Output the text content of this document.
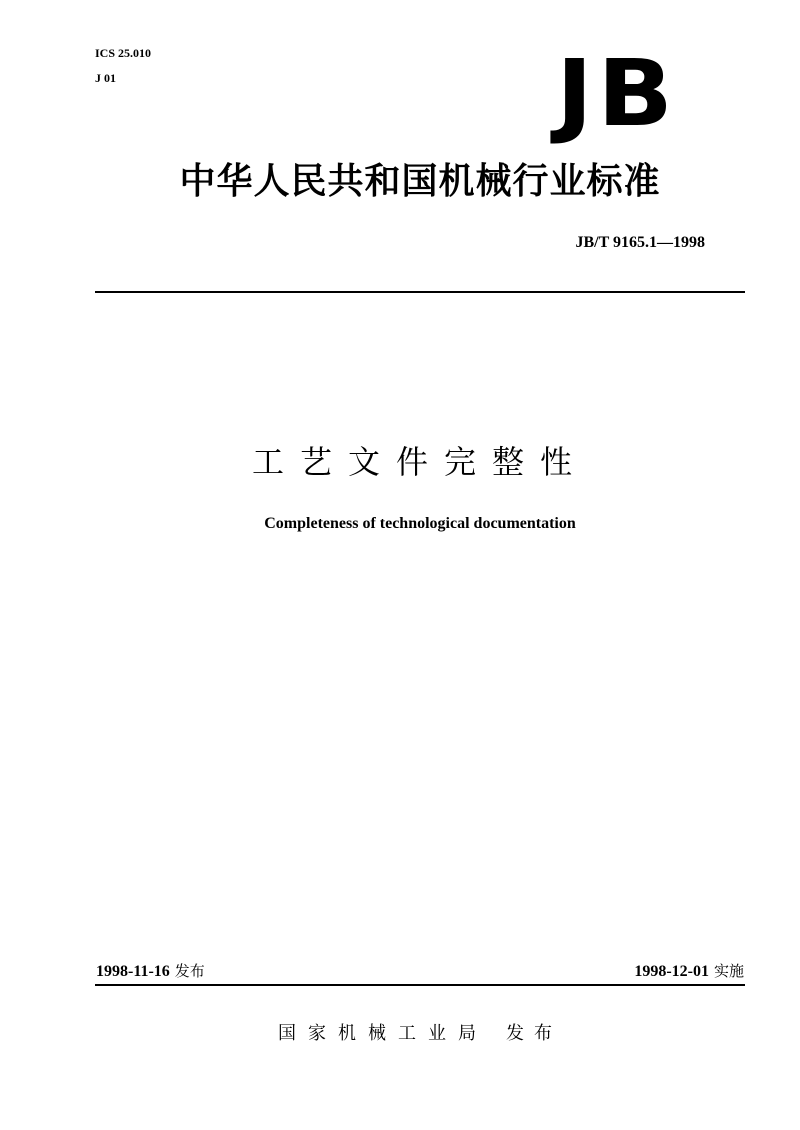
ICS 25.010
J 01	JB
中华人民共和国机械行业标准
JB/T 9165.1—1998
工艺文件完整性
Completeness of technological documentation
1998-11-16 发布	1998-12-01 实施
国家机械工业局 发布
